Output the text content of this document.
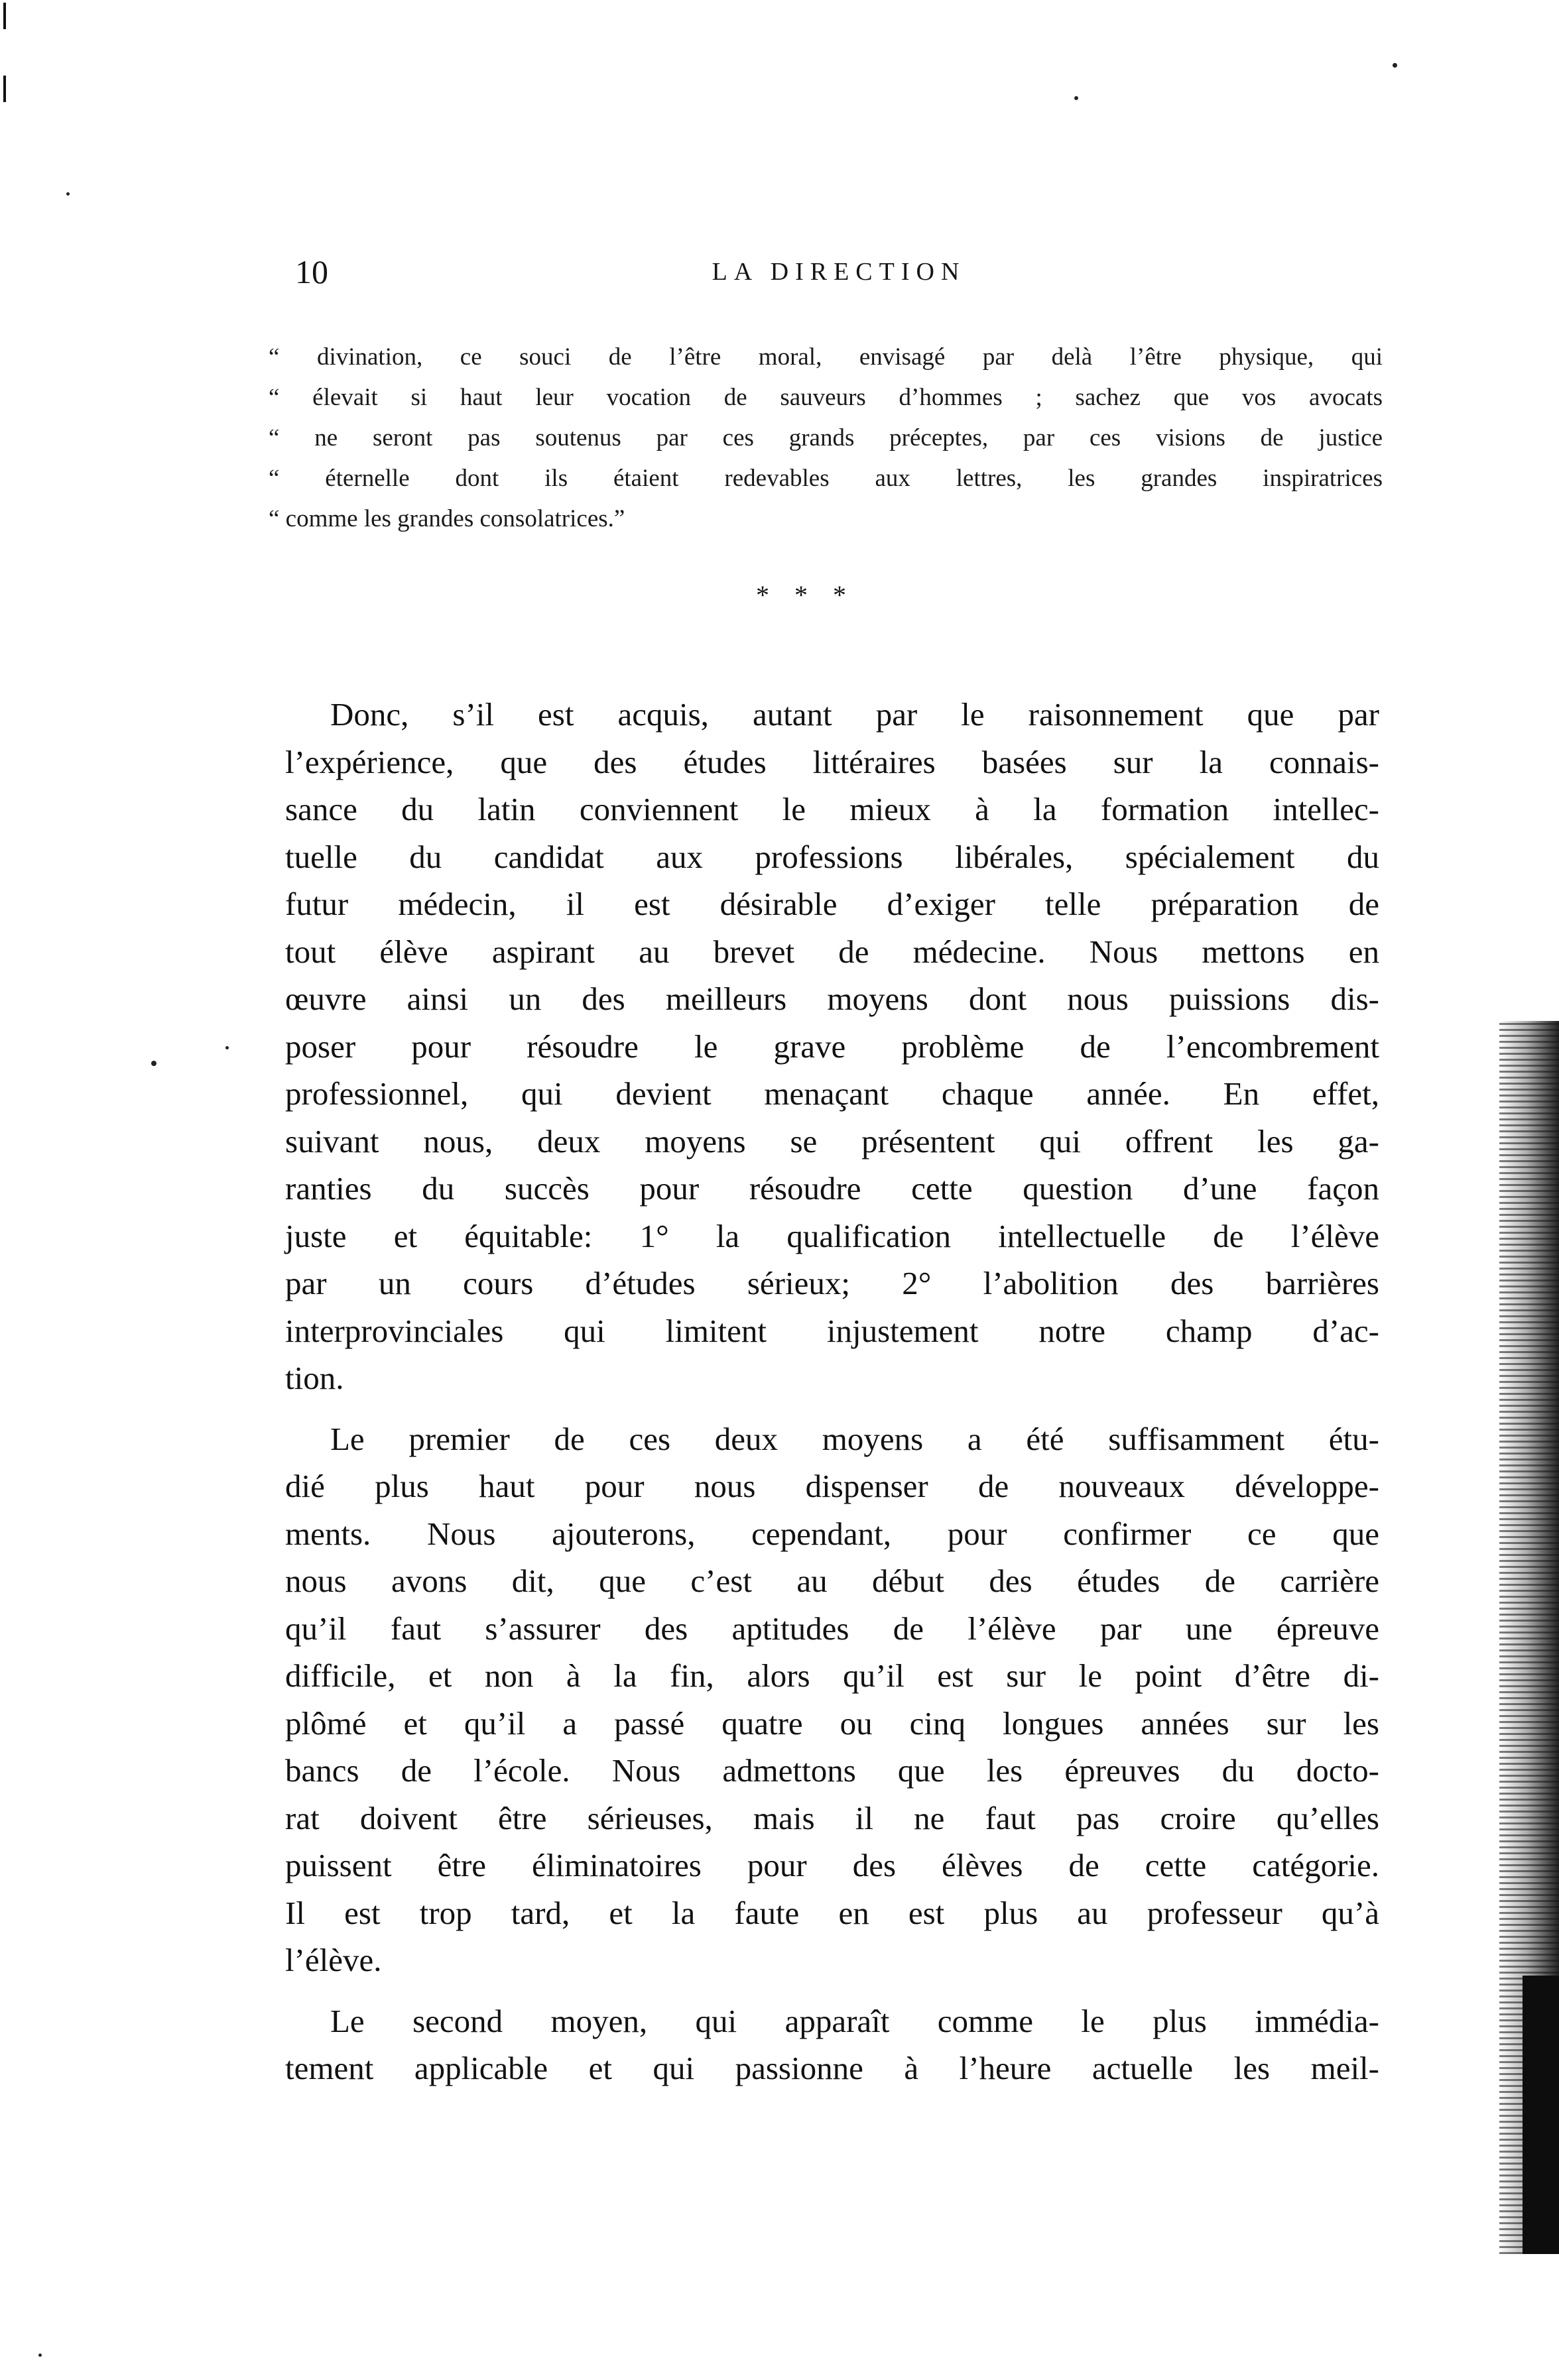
10	LA DIRECTION
“ divination, ce souci de l’être moral, envisagé par delà l’être physique, qui
“ élevait si haut leur vocation de sauveurs d’hommes ; sachez que vos avocats
“ ne seront pas soutenus par ces grands préceptes, par ces visions de justice
“ éternelle dont ils étaient redevables aux lettres, les grandes inspiratrices
“ comme les grandes consolatrices.”
* * *
Donc, s’il est acquis, autant par le raisonnement que par
l’expérience, que des études littéraires basées sur la connais-
sance du latin conviennent le mieux à la formation intellec-
tuelle du candidat aux professions libérales, spécialement du
futur médecin, il est désirable d’exiger telle préparation de
tout élève aspirant au brevet de médecine. Nous mettons en
œuvre ainsi un des meilleurs moyens dont nous puissions dis-
poser pour résoudre le grave problème de l’encombrement
professionnel, qui devient menaçant chaque année. En effet,
suivant nous, deux moyens se présentent qui offrent les ga-
ranties du succès pour résoudre cette question d’une façon
juste et équitable: 1° la qualification intellectuelle de l’élève
par un cours d’études sérieux; 2° l’abolition des barrières
interprovinciales qui limitent injustement notre champ d’ac-
tion.
Le premier de ces deux moyens a été suffisamment étu-
dié plus haut pour nous dispenser de nouveaux développe-
ments. Nous ajouterons, cependant, pour confirmer ce que
nous avons dit, que c’est au début des études de carrière
qu’il faut s’assurer des aptitudes de l’élève par une épreuve
difficile, et non à la fin, alors qu’il est sur le point d’être di-
plômé et qu’il a passé quatre ou cinq longues années sur les
bancs de l’école. Nous admettons que les épreuves du docto-
rat doivent être sérieuses, mais il ne faut pas croire qu’elles
puissent être éliminatoires pour des élèves de cette catégorie.
Il est trop tard, et la faute en est plus au professeur qu’à
l’élève.
Le second moyen, qui apparaît comme le plus immédia-
tement applicable et qui passionne à l’heure actuelle les meil-
